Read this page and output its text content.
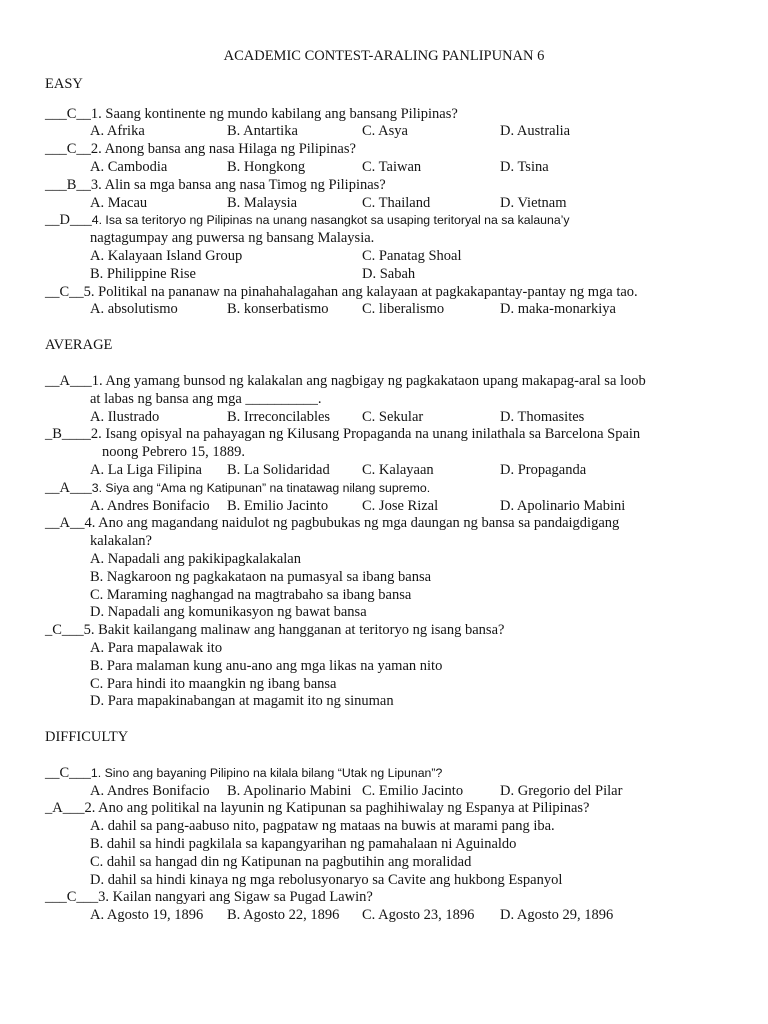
ACADEMIC CONTEST-ARALING PANLIPUNAN 6
EASY
___C__1. Saang kontinente ng mundo kabilang ang bansang Pilipinas?
A. Afrika	B. Antartika	C. Asya	D. Australia
___C__2. Anong bansa ang nasa Hilaga ng Pilipinas?
A. Cambodia	B. Hongkong	C. Taiwan	D. Tsina
___B__3. Alin sa mga bansa ang nasa Timog ng Pilipinas?
A. Macau	B. Malaysia	C. Thailand	D. Vietnam
__D___4. Isa sa teritoryo ng Pilipinas na unang nasangkot sa usaping teritoryal na sa kalauna’y
nagtagumpay ang puwersa ng bansang Malaysia.
A. Kalayaan Island Group	C. Panatag Shoal
B. Philippine Rise	D. Sabah
__C__5. Politikal na pananaw na pinahahalagahan ang kalayaan at pagkakapantay-pantay ng mga tao.
A. absolutismo	B. konserbatismo C. liberalismo	D. maka-monarkiya
AVERAGE
__A___1. Ang yamang bunsod ng kalakalan ang nagbigay ng pagkakataon upang makapag-aral sa loob
at labas ng bansa ang mga __________.
A. Ilustrado	B. Irreconcilables C. Sekular	D. Thomasites
_B____2. Isang opisyal na pahayagan ng Kilusang Propaganda na unang inilathala sa Barcelona Spain
noong Pebrero 15, 1889.
A. La Liga Filipina B. La Solidaridad C. Kalayaan	D. Propaganda
__A___3. Siya ang “Ama ng Katipunan” na tinatawag nilang supremo.
A. Andres Bonifacio B. Emilio Jacinto C. Jose Rizal	D. Apolinario Mabini
__A__4. Ano ang magandang naidulot ng pagbubukas ng mga daungan ng bansa sa pandaigdigang
kalakalan?
A. Napadali ang pakikipagkalakalan
B. Nagkaroon ng pagkakataon na pumasyal sa ibang bansa
C. Maraming naghangad na magtrabaho sa ibang bansa
D. Napadali ang komunikasyon ng bawat bansa
_C___5. Bakit kailangang malinaw ang hangganan at teritoryo ng isang bansa?
A. Para mapalawak ito
B. Para malaman kung anu-ano ang mga likas na yaman nito
C. Para hindi ito maangkin ng ibang bansa
D. Para mapakinabangan at magamit ito ng sinuman
DIFFICULTY
__C___1. Sino ang bayaning Pilipino na kilala bilang “Utak ng Lipunan”?
A. Andres Bonifacio B. Apolinario Mabini C. Emilio Jacinto	D. Gregorio del Pilar
_A___2. Ano ang politikal na layunin ng Katipunan sa paghihiwalay ng Espanya at Pilipinas?
A. dahil sa pang-aabuso nito, pagpataw ng mataas na buwis at marami pang iba.
B. dahil sa hindi pagkilala sa kapangyarihan ng pamahalaan ni Aguinaldo
C. dahil sa hangad din ng Katipunan na pagbutihin ang moralidad
D. dahil sa hindi kinaya ng mga rebolusyonaryo sa Cavite ang hukbong Espanyol
___C___3. Kailan nangyari ang Sigaw sa Pugad Lawin?
A. Agosto 19, 1896 B. Agosto 22, 1896 C. Agosto 23, 1896 D. Agosto 29, 1896
